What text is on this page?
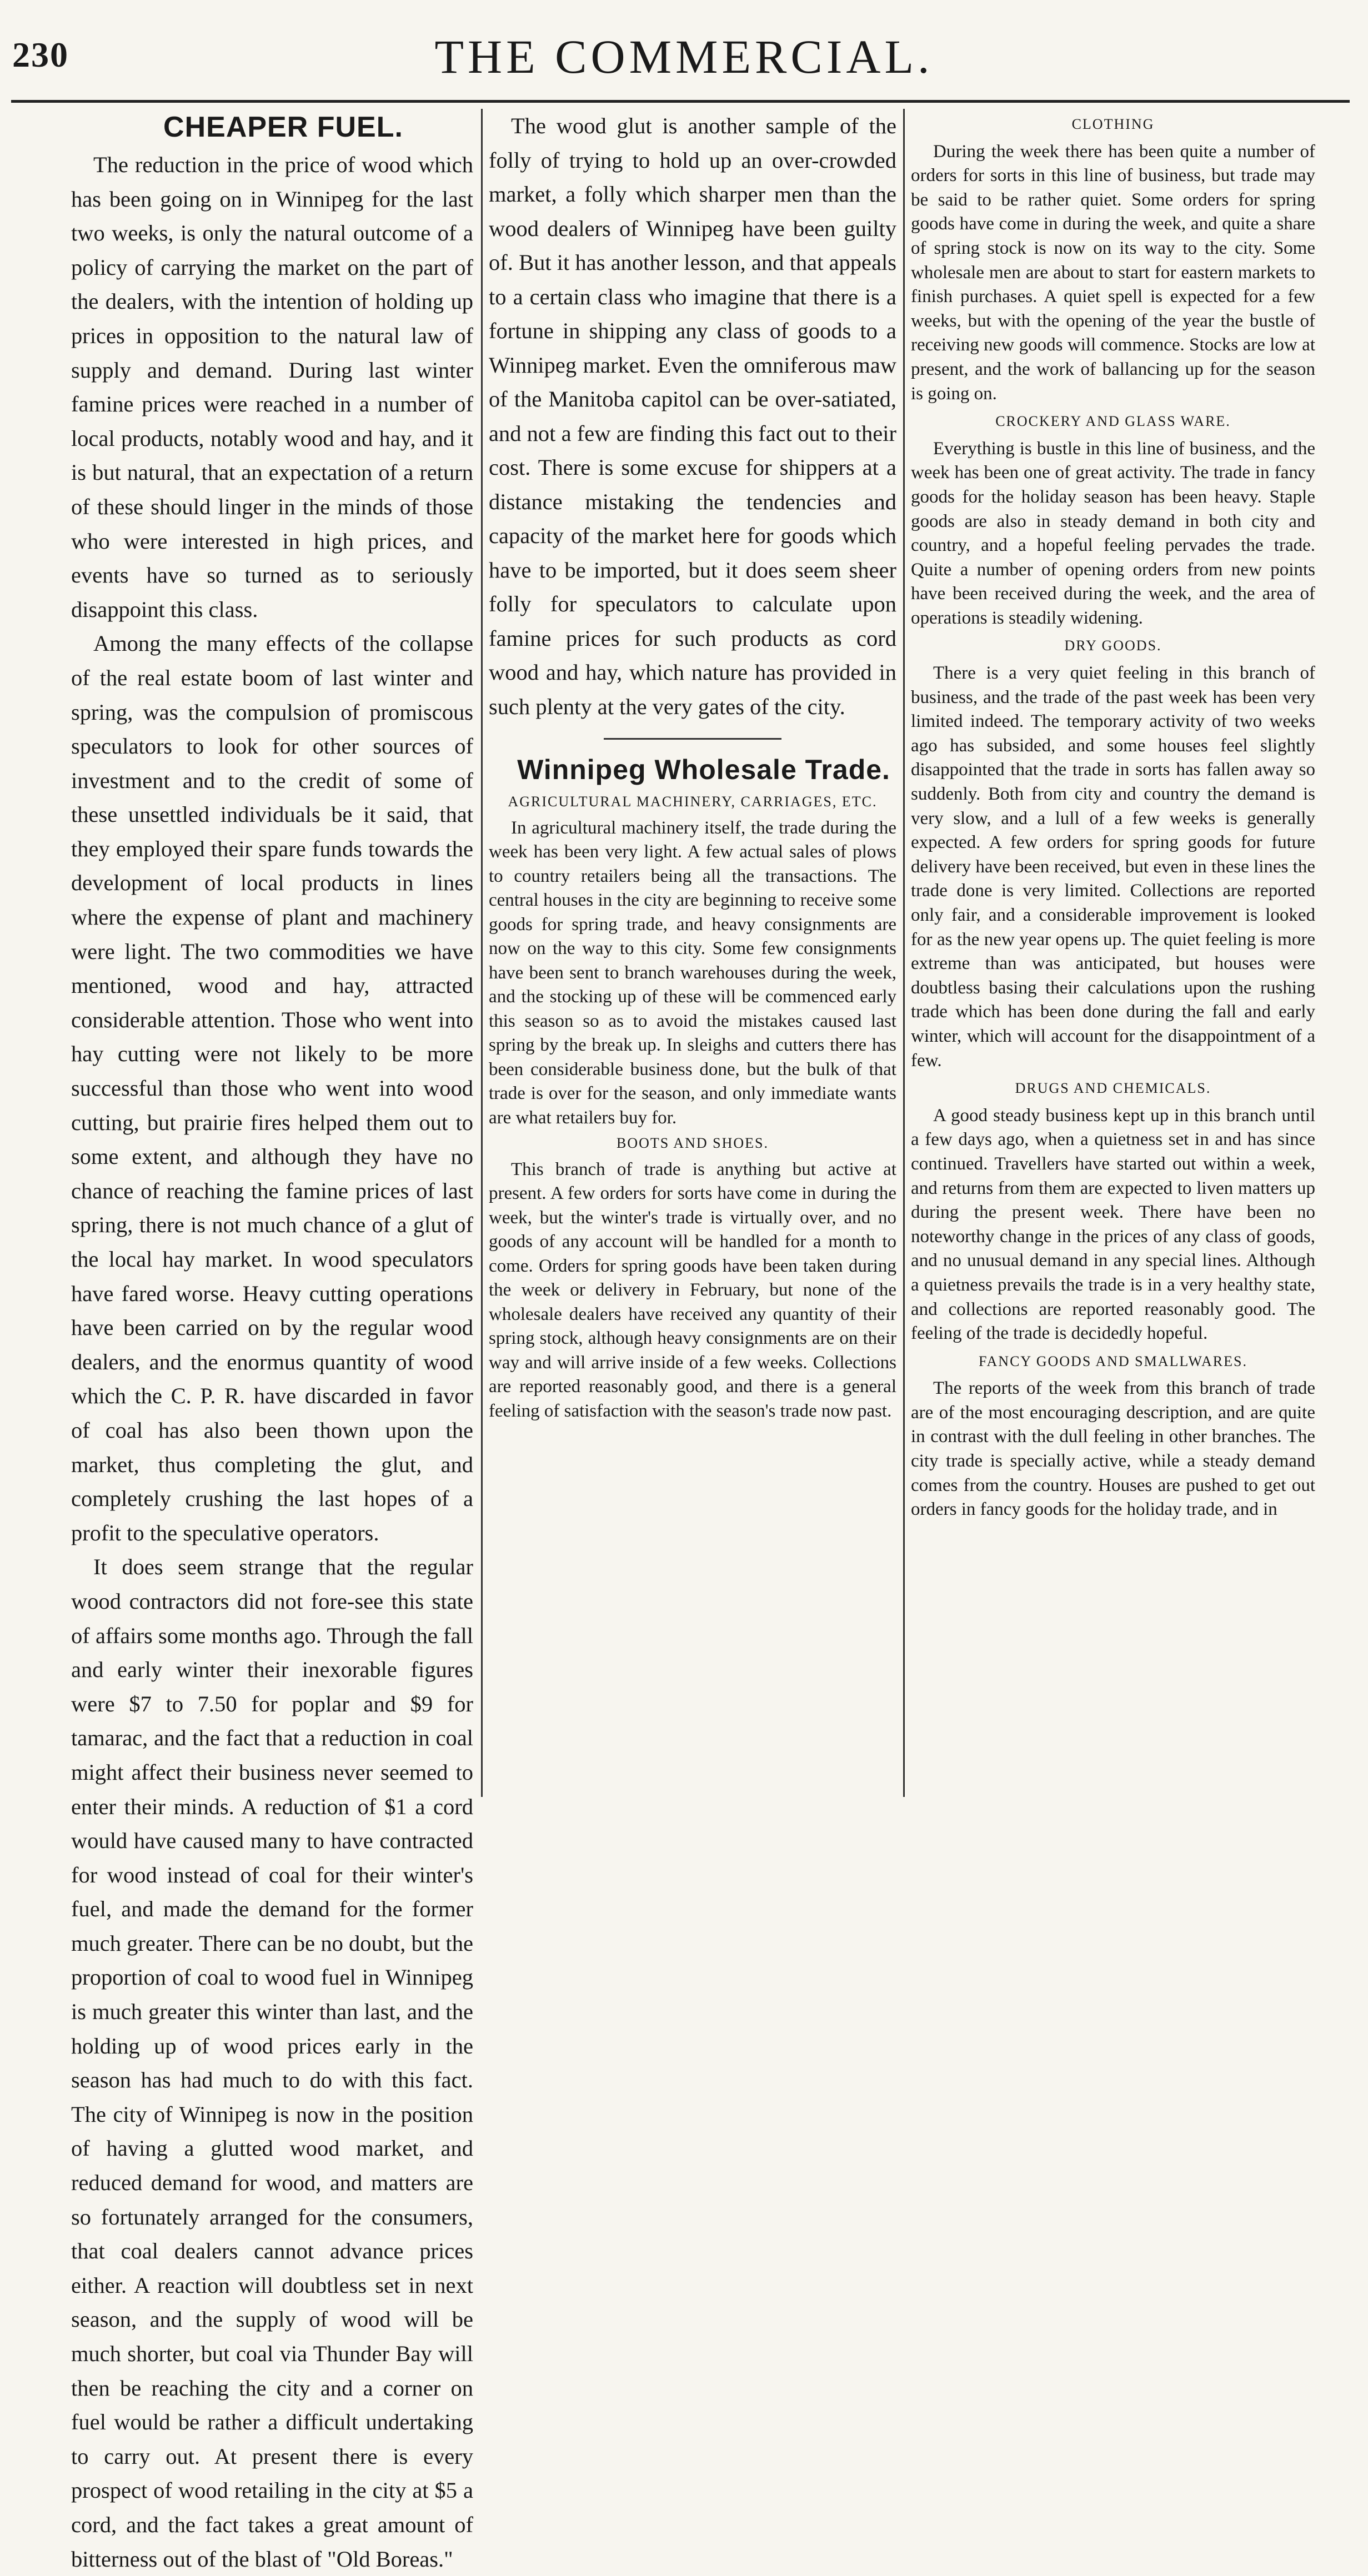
230	THE COMMERCIAL.

CHEAPER FUEL.

The reduction in the price of wood which has been going on in Winnipeg for the last two weeks, is only the natural outcome of a policy of carrying the market on the part of the dealers, with the intention of holding up prices in opposition to the natural law of supply and demand. During last winter famine prices were reached in a number of local products, notably wood and hay, and it is but natural, that an expectation of a return of these should linger in the minds of those who were interested in high prices, and events have so turned as to seriously disappoint this class.

Among the many effects of the collapse of the real estate boom of last winter and spring, was the compulsion of promiscous speculators to look for other sources of investment and to the credit of some of these unsettled individuals be it said, that they employed their spare funds towards the development of local products in lines where the expense of plant and machinery were light. The two commodities we have mentioned, wood and hay, attracted considerable attention. Those who went into hay cutting were not likely to be more successful than those who went into wood cutting, but prairie fires helped them out to some extent, and although they have no chance of reaching the famine prices of last spring, there is not much chance of a glut of the local hay market. In wood speculators have fared worse. Heavy cutting operations have been carried on by the regular wood dealers, and the enormus quantity of wood which the C. P. R. have discarded in favor of coal has also been thown upon the market, thus completing the glut, and completely crushing the last hopes of a profit to the speculative operators.

It does seem strange that the regular wood contractors did not fore-see this state of affairs some months ago. Through the fall and early winter their inexorable figures were $7 to 7.50 for poplar and $9 for tamarac, and the fact that a reduction in coal might affect their business never seemed to enter their minds. A reduction of $1 a cord would have caused many to have contracted for wood instead of coal for their winter's fuel, and made the demand for the former much greater. There can be no doubt, but the proportion of coal to wood fuel in Winnipeg is much greater this winter than last, and the holding up of wood prices early in the season has had much to do with this fact. The city of Winnipeg is now in the position of having a glutted wood market, and reduced demand for wood, and matters are so fortunately arranged for the consumers, that coal dealers cannot advance prices either. A reaction will doubtless set in next season, and the supply of wood will be much shorter, but coal via Thunder Bay will then be reaching the city and a corner on fuel would be rather a difficult undertaking to carry out. At present there is every prospect of wood retailing in the city at $5 a cord, and the fact takes a great amount of bitterness out of the blast of "Old Boreas."

The wood glut is another sample of the folly of trying to hold up an over-crowded market, a folly which sharper men than the wood dealers of Winnipeg have been guilty of. But it has another lesson, and that appeals to a certain class who imagine that there is a fortune in shipping any class of goods to a Winnipeg market. Even the omniferous maw of the Manitoba capitol can be over-satiated, and not a few are finding this fact out to their cost. There is some excuse for shippers at a distance mistaking the tendencies and capacity of the market here for goods which have to be imported, but it does seem sheer folly for speculators to calculate upon famine prices for such products as cord wood and hay, which nature has provided in such plenty at the very gates of the city.

Winnipeg Wholesale Trade.

AGRICULTURAL MACHINERY, CARRIAGES, ETC.

In agricultural machinery itself, the trade during the week has been very light. A few actual sales of plows to country retailers being all the transactions. The central houses in the city are beginning to receive some goods for spring trade, and heavy consignments are now on the way to this city. Some few consignments have been sent to branch warehouses during the week, and the stocking up of these will be commenced early this season so as to avoid the mistakes caused last spring by the break up. In sleighs and cutters there has been considerable business done, but the bulk of that trade is over for the season, and only immediate wants are what retailers buy for.

BOOTS AND SHOES.

This branch of trade is anything but active at present. A few orders for sorts have come in during the week, but the winter's trade is virtually over, and no goods of any account will be handled for a month to come. Orders for spring goods have been taken during the week or delivery in February, but none of the wholesale dealers have received any quantity of their spring stock, although heavy consignments are on their way and will arrive inside of a few weeks. Collections are reported reasonably good, and there is a general feeling of satisfaction with the season's trade now past.

CLOTHING

During the week there has been quite a number of orders for sorts in this line of business, but trade may be said to be rather quiet. Some orders for spring goods have come in during the week, and quite a share of spring stock is now on its way to the city. Some wholesale men are about to start for eastern markets to finish purchases. A quiet spell is expected for a few weeks, but with the opening of the year the bustle of receiving new goods will commence. Stocks are low at present, and the work of ballancing up for the season is going on.

CROCKERY AND GLASS WARE.

Everything is bustle in this line of business, and the week has been one of great activity. The trade in fancy goods for the holiday season has been heavy. Staple goods are also in steady demand in both city and country, and a hopeful feeling pervades the trade. Quite a number of opening orders from new points have been received during the week, and the area of operations is steadily widening.

DRY GOODS.

There is a very quiet feeling in this branch of business, and the trade of the past week has been very limited indeed. The temporary activity of two weeks ago has subsided, and some houses feel slightly disappointed that the trade in sorts has fallen away so suddenly. Both from city and country the demand is very slow, and a lull of a few weeks is generally expected. A few orders for spring goods for future delivery have been received, but even in these lines the trade done is very limited. Collections are reported only fair, and a considerable improvement is looked for as the new year opens up. The quiet feeling is more extreme than was anticipated, but houses were doubtless basing their calculations upon the rushing trade which has been done during the fall and early winter, which will account for the disappointment of a few.

DRUGS AND CHEMICALS.

A good steady business kept up in this branch until a few days ago, when a quietness set in and has since continued. Travellers have started out within a week, and returns from them are expected to liven matters up during the present week. There have been no noteworthy change in the prices of any class of goods, and no unusual demand in any special lines. Although a quietness prevails the trade is in a very healthy state, and collections are reported reasonably good. The feeling of the trade is decidedly hopeful.

FANCY GOODS AND SMALLWARES.

The reports of the week from this branch of trade are of the most encouraging description, and are quite in contrast with the dull feeling in other branches. The city trade is specially active, while a steady demand comes from the country. Houses are pushed to get out orders in fancy goods for the holiday trade, and in
